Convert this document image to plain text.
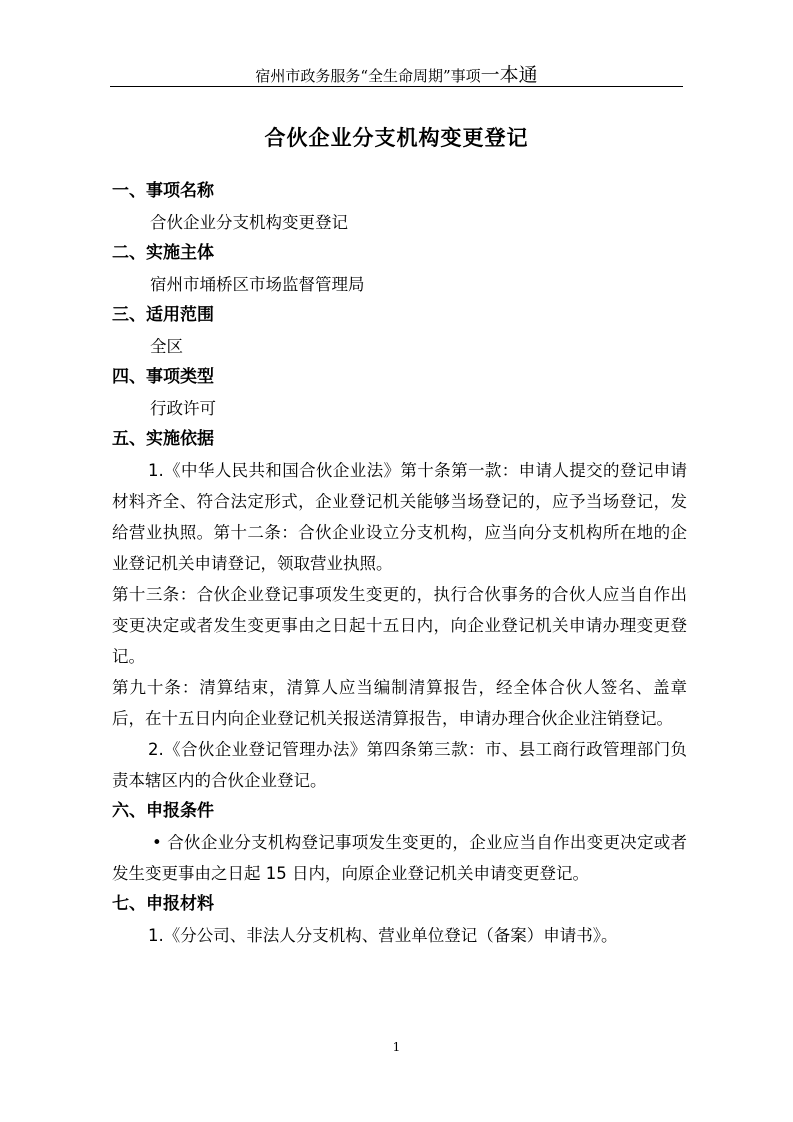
宿州市政务服务“全生命周期”事项一本通
合伙企业分支机构变更登记
一、事项名称
合伙企业分支机构变更登记
二、实施主体
宿州市埇桥区市场监督管理局
三、适用范围
全区
四、事项类型
行政许可
五、实施依据
1.《中华人民共和国合伙企业法》第十条第一款：申请人提交的登记申请材料齐全、符合法定形式，企业登记机关能够当场登记的，应予当场登记，发给营业执照。第十二条：合伙企业设立分支机构，应当向分支机构所在地的企业登记机关申请登记，领取营业执照。
第十三条：合伙企业登记事项发生变更的，执行合伙事务的合伙人应当自作出变更决定或者发生变更事由之日起十五日内，向企业登记机关申请办理变更登记。
第九十条：清算结束，清算人应当编制清算报告，经全体合伙人签名、盖章后，在十五日内向企业登记机关报送清算报告，申请办理合伙企业注销登记。
2.《合伙企业登记管理办法》第四条第三款：市、县工商行政管理部门负责本辖区内的合伙企业登记。
六、申报条件
• 合伙企业分支机构登记事项发生变更的，企业应当自作出变更决定或者发生变更事由之日起 15 日内，向原企业登记机关申请变更登记。
七、申报材料
1.《分公司、非法人分支机构、营业单位登记（备案）申请书》。
1
